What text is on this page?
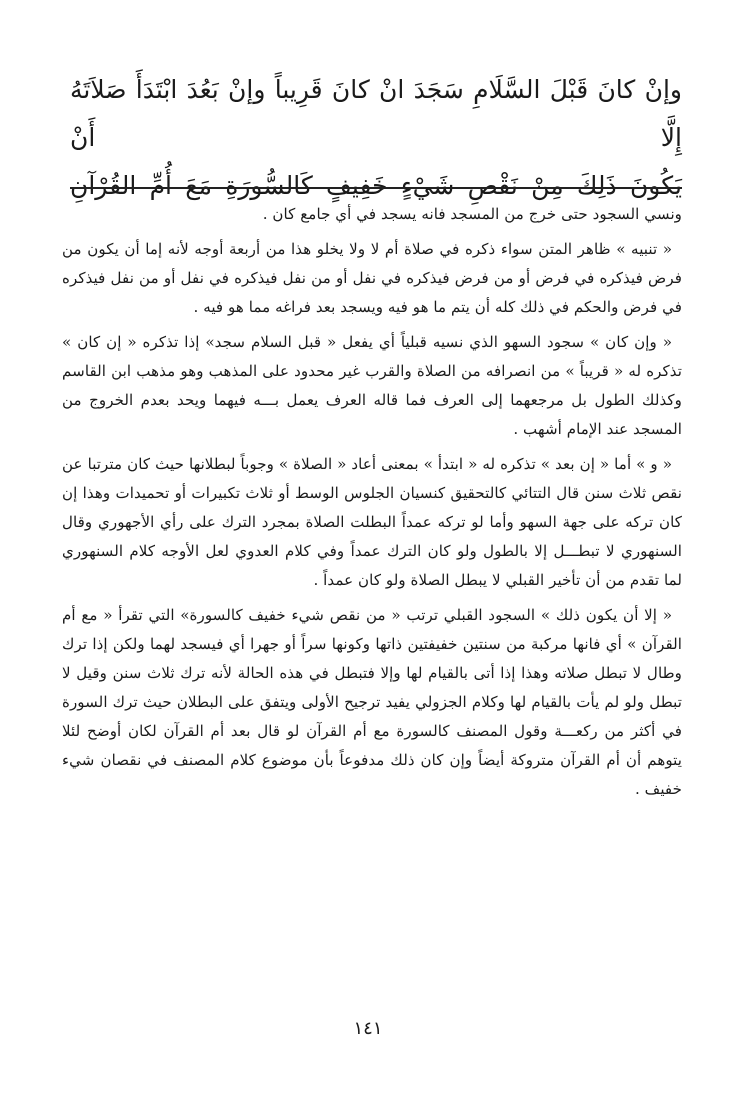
وإنْ كانَ قَبْلَ السَّلَامِ سَجَدَ انْ كانَ قَرِيباً وإنْ بَعُدَ ابْتَدَأَ صَلاَتَهُ إِلَّا أَنْ

يَكُونَ ذَلِكَ مِنْ نَقْصِ شَيْءٍ خَفِيفٍ كَالسُّورَةِ مَعَ أُمِّ القُرْآنِ

ونسي السجود حتى خرج من المسجد فانه يسجد في أي جامع كان .

« تنبيه » ظاهر المتن سواء ذكره في صلاة أم لا ولا يخلو هذا من أربعة أوجه لأنه إما أن يكون من فرض فيذكره في فرض أو من فرض فيذكره في نفل أو من نفل فيذكره في نفل أو من نفل فيذكره في فرض والحكم في ذلك كله أن يتم ما هو فيه ويسجد بعد فراغه مما هو فيه .

« وإن كان » سجود السهو الذي نسيه قبلياً أي يفعل « قبل السلام سجد» إذا تذكره « إن كان » تذكره له « قريباً » من انصرافه من الصلاة والقرب غير محدود على المذهب وهو مذهب ابن القاسم وكذلك الطول بل مرجعهما إلى العرف فما قاله العرف يعمل بـــه فيهما ويحد بعدم الخروج من المسجد عند الإمام أشهب .

« و » أما « إن بعد » تذكره له « ابتدأ » بمعنى أعاد « الصلاة » وجوباً لبطلانها حيث كان مترتبا عن نقص ثلاث سنن قال التتائي كالتحقيق كنسيان الجلوس الوسط أو ثلاث تكبيرات أو تحميدات وهذا إن كان تركه على جهة السهو وأما لو تركه عمداً البطلت الصلاة بمجرد الترك على رأي الأجهوري وقال السنهوري لا تبطـــل إلا بالطول ولو كان الترك عمداً وفي كلام العدوي لعل الأوجه كلام السنهوري لما تقدم من أن تأخير القبلي لا يبطل الصلاة ولو كان عمداً .

« إلا أن يكون ذلك » السجود القبلي ترتب « من نقص شيء خفيف كالسورة» التي تقرأ « مع أم القرآن » أي فانها مركبة من سنتين خفيفتين ذاتها وكونها سراً أو جهرا أي فيسجد لهما ولكن إذا ترك وطال لا تبطل صلاته وهذا إذا أتى بالقيام لها وإلا فتبطل في هذه الحالة لأنه ترك ثلاث سنن وقيل لا تبطل ولو لم يأت بالقيام لها وكلام الجزولي يفيد ترجيح الأولى ويتفق على البطلان حيث ترك السورة في أكثر من ركعـــة وقول المصنف كالسورة مع أم القرآن لو قال بعد أم القرآن لكان أوضح لئلا يتوهم أن أم القرآن متروكة أيضاً وإن كان ذلك مدفوعاً بأن موضوع كلام المصنف في نقصان شيء خفيف .

١٤١
